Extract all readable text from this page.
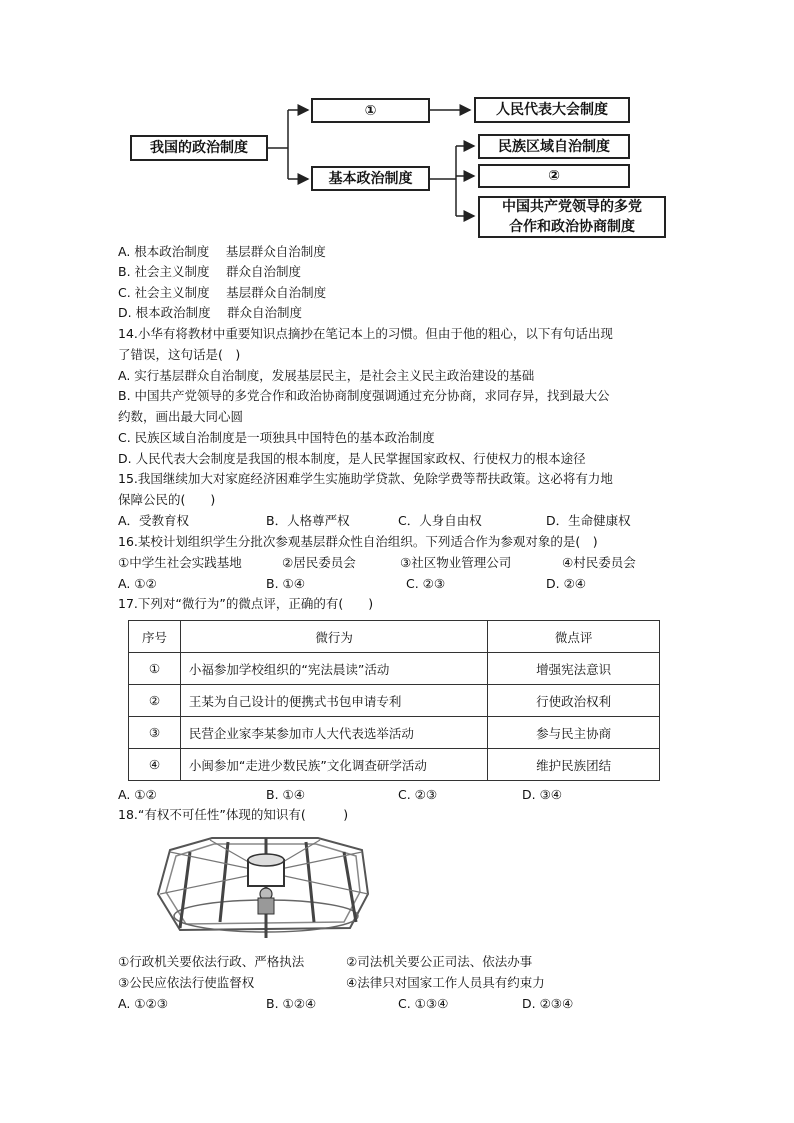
我国的政治制度
①	人民代表大会制度
基本政治制度
民族区域自治制度
②
中国共产党领导的多党
合作和政治协商制度
A. 根本政治制度　 基层群众自治制度
B. 社会主义制度　 群众自治制度
C. 社会主义制度　 基层群众自治制度
D. 根本政治制度　 群众自治制度
14.小华有将教材中重要知识点摘抄在笔记本上的习惯。但由于他的粗心，以下有句话出现
了错误，这句话是(　)
A. 实行基层群众自治制度，发展基层民主，是社会主义民主政治建设的基础
B. 中国共产党领导的多党合作和政治协商制度强调通过充分协商，求同存异，找到最大公
约数，画出最大同心圆
C. 民族区域自治制度是一项独具中国特色的基本政治制度
D. 人民代表大会制度是我国的根本制度，是人民掌握国家政权、行使权力的根本途径
15.我国继续加大对家庭经济困难学生实施助学贷款、免除学费等帮扶政策。这必将有力地
保障公民的(　　)
A．受教育权	B．人格尊严权	C．人身自由权	D．生命健康权
16.某校计划组织学生分批次参观基层群众性自治组织。下列适合作为参观对象的是(　)
①中学生社会实践基地	②居民委员会	③社区物业管理公司	④村民委员会
A. ①②	B. ①④	C. ②③	D. ②④
17.下列对“微行为”的微点评，正确的有(　　)
序号	微行为	微点评
①	小福参加学校组织的“宪法晨读”活动	增强宪法意识
②	王某为自己设计的便携式书包申请专利	行使政治权利
③	民营企业家李某参加市人大代表选举活动	参与民主协商
④	小闽参加“走进少数民族”文化调查研学活动	维护民族团结
A. ①②	B. ①④	C. ②③	D. ③④
18.“有权不可任性”体现的知识有(　　　)
①行政机关要依法行政、严格执法	②司法机关要公正司法、依法办事
③公民应依法行使监督权	④法律只对国家工作人员具有约束力
A. ①②③	B. ①②④	C. ①③④	D. ②③④
